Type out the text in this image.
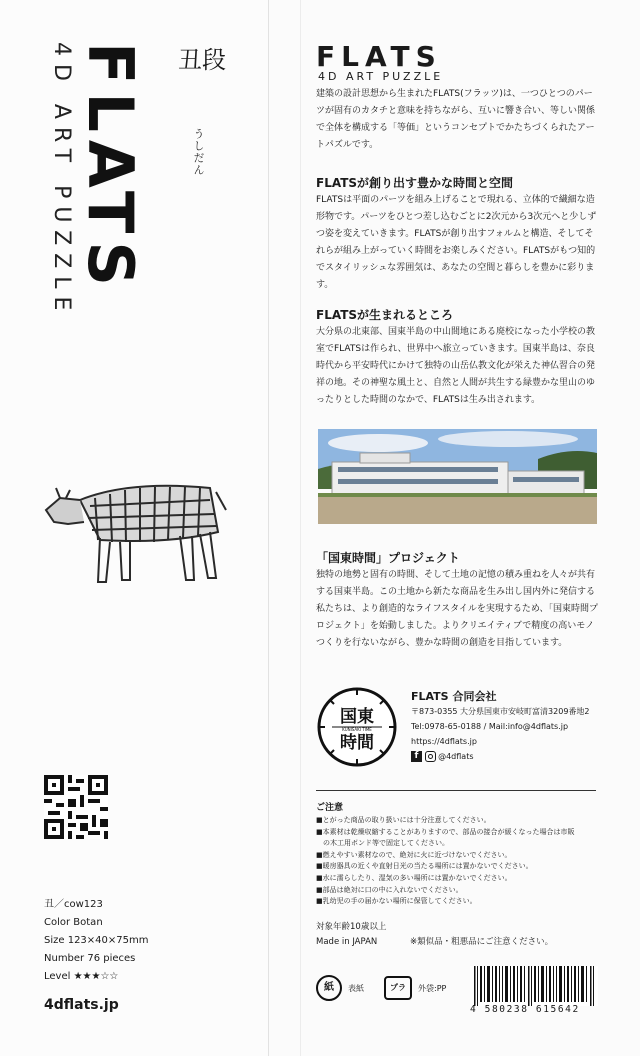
FLATS
4D ART PUZZLE	丑段
うしだん
丑／cow123
Color Botan
Size 123×40×75mm
Number 76 pieces
Level ★★★☆☆
4dflats.jp
FLATS
4D ART PUZZLE
建築の設計思想から生まれたFLATS(フラッツ)は、一つひとつのパーツが固有のカタチと意味を持ちながら、互いに響き合い、等しい関係で全体を構成する「等価」というコンセプトでかたちづくられたアートパズルです。
FLATSが創り出す豊かな時間と空間
FLATSは平面のパーツを組み上げることで現れる、立体的で繊細な造形物です。パーツをひとつ差し込むごとに2次元から3次元へと少しずつ姿を変えていきます。FLATSが創り出すフォルムと構造、そしてそれらが組み上がっていく時間をお楽しみください。FLATSがもつ知的でスタイリッシュな雰囲気は、あなたの空間と暮らしを豊かに彩ります。
FLATSが生まれるところ
大分県の北東部、国東半島の中山間地にある廃校になった小学校の教室でFLATSは作られ、世界中へ旅立っていきます。国東半島は、奈良時代から平安時代にかけて独特の山岳仏教文化が栄えた神仏習合の発祥の地。その神聖な風土と、自然と人間が共生する緑豊かな里山のゆったりとした時間のなかで、FLATSは生み出されます。
「国東時間」プロジェクト
独特の地勢と固有の時間、そして土地の記憶の積み重ねを人々が共有する国東半島。この土地から新たな商品を生み出し国内外に発信する私たちは、より創造的なライフスタイルを実現するため、「国東時間プロジェクト」を始動しました。よりクリエイティブで精度の高いモノつくりを行ないながら、豊かな時間の創造を目指しています。
国東
KUNISAKI TIME
時間
FLATS 合同会社
〒873-0355 大分県国東市安岐町富清3209番地2
Tel:0978-65-0188 / Mail:info@4dflats.jp
https://4dflats.jp
f @4dflats
ご注意
■とがった商品の取り扱いには十分注意してください。
■本素材は乾燥収縮することがありますので、部品の接合が緩くなった場合は市販
　の木工用ボンド等で固定してください。
■燃えやすい素材なので、絶対に火に近づけないでください。
■暖房器具の近くや直射日光の当たる場所には置かないでください。
■水に濡らしたり、湿気の多い場所には置かないでください。
■部品は絶対に口の中に入れないでください。
■乳幼児の手の届かない場所に保管してください。
対象年齢10歳以上
Made in JAPAN	※類似品・粗悪品にご注意ください。
紙	表紙	プラ	外袋:PP
4 580238 615642
